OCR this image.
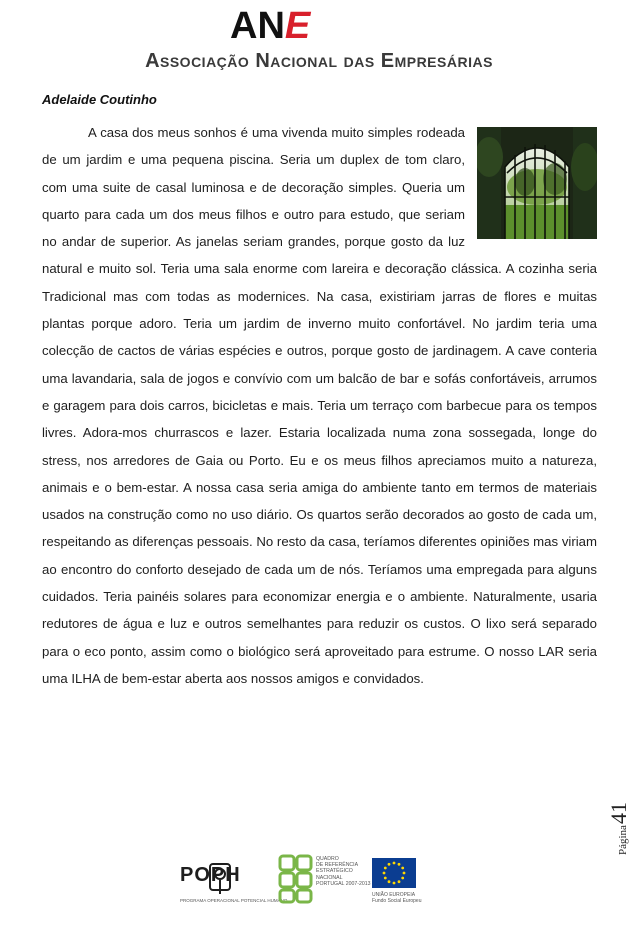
ANE
Associação Nacional das Empresárias
Adelaide Coutinho

A casa dos meus sonhos é uma vivenda muito simples rodeada de um jardim e uma pequena piscina. Seria um duplex de tom claro, com uma suite de casal luminosa e de decoração simples. Queria um quarto para cada um dos meus filhos e outro para estudo, que seriam no andar de superior. As janelas seriam grandes, porque gosto da luz natural e muito sol. Teria uma sala enorme com lareira e decoração clássica. A cozinha seria Tradicional mas com todas as modernices. Na casa, existiriam jarras de flores e muitas plantas porque adoro. Teria um jardim de inverno muito confortável. No jardim teria uma colecção de cactos de várias espécies e outros, porque gosto de jardinagem. A cave conteria uma lavandaria, sala de jogos e convívio com um balcão de bar e sofás confortáveis, arrumos e garagem para dois carros, bicicletas e mais. Teria um terraço com barbecue para os tempos livres. Adora-mos churrascos e lazer. Estaria localizada numa zona sossegada, longe do stress, nos arredores de Gaia ou Porto. Eu e os meus filhos apreciamos muito a natureza, animais e o bem-estar. A nossa casa seria amiga do ambiente tanto em termos de materiais usados na construção como no uso diário. Os quartos serão decorados ao gosto de cada um, respeitando as diferenças pessoais. No resto da casa, teríamos diferentes opiniões mas viriam ao encontro do conforto desejado de cada um de nós. Teríamos uma empregada para alguns cuidados. Teria painéis solares para economizar energia e o ambiente. Naturalmente, usaria redutores de água e luz e outros semelhantes para reduzir os custos. O lixo será separado para o eco ponto, assim como o biológico será aproveitado para estrume. O nosso LAR seria uma ILHA de bem-estar aberta aos nossos amigos e convidados.

Página41
POPH
PROGRAMA OPERACIONAL POTENCIAL HUMANO
QUADRO
DE REFERÊNCIA
ESTRATÉGICO
NACIONAL
PORTUGAL 2007-2013
UNIÃO EUROPEIA
Fundo Social Europeu
